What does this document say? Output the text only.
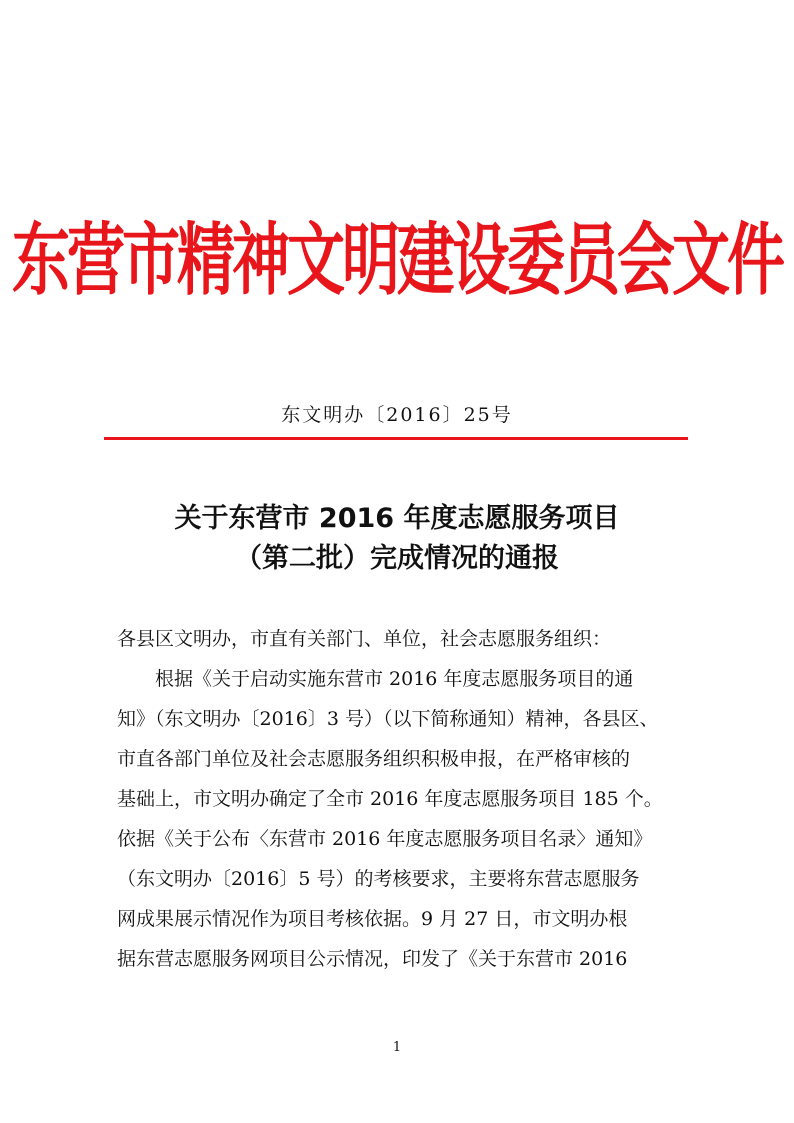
东营市精神文明建设委员会文件
东文明办〔2016〕25号
关于东营市 2016 年度志愿服务项目
（第二批）完成情况的通报
各县区文明办，市直有关部门、单位，社会志愿服务组织：
根据《关于启动实施东营市 2016 年度志愿服务项目的通
知》（东文明办〔2016〕3 号）（以下简称通知）精神，各县区、
市直各部门单位及社会志愿服务组织积极申报，在严格审核的
基础上，市文明办确定了全市 2016 年度志愿服务项目 185 个。
依据《关于公布〈东营市 2016 年度志愿服务项目名录〉通知》
（东文明办〔2016〕5 号）的考核要求，主要将东营志愿服务
网成果展示情况作为项目考核依据。9 月 27 日，市文明办根
据东营志愿服务网项目公示情况，印发了《关于东营市 2016
1
